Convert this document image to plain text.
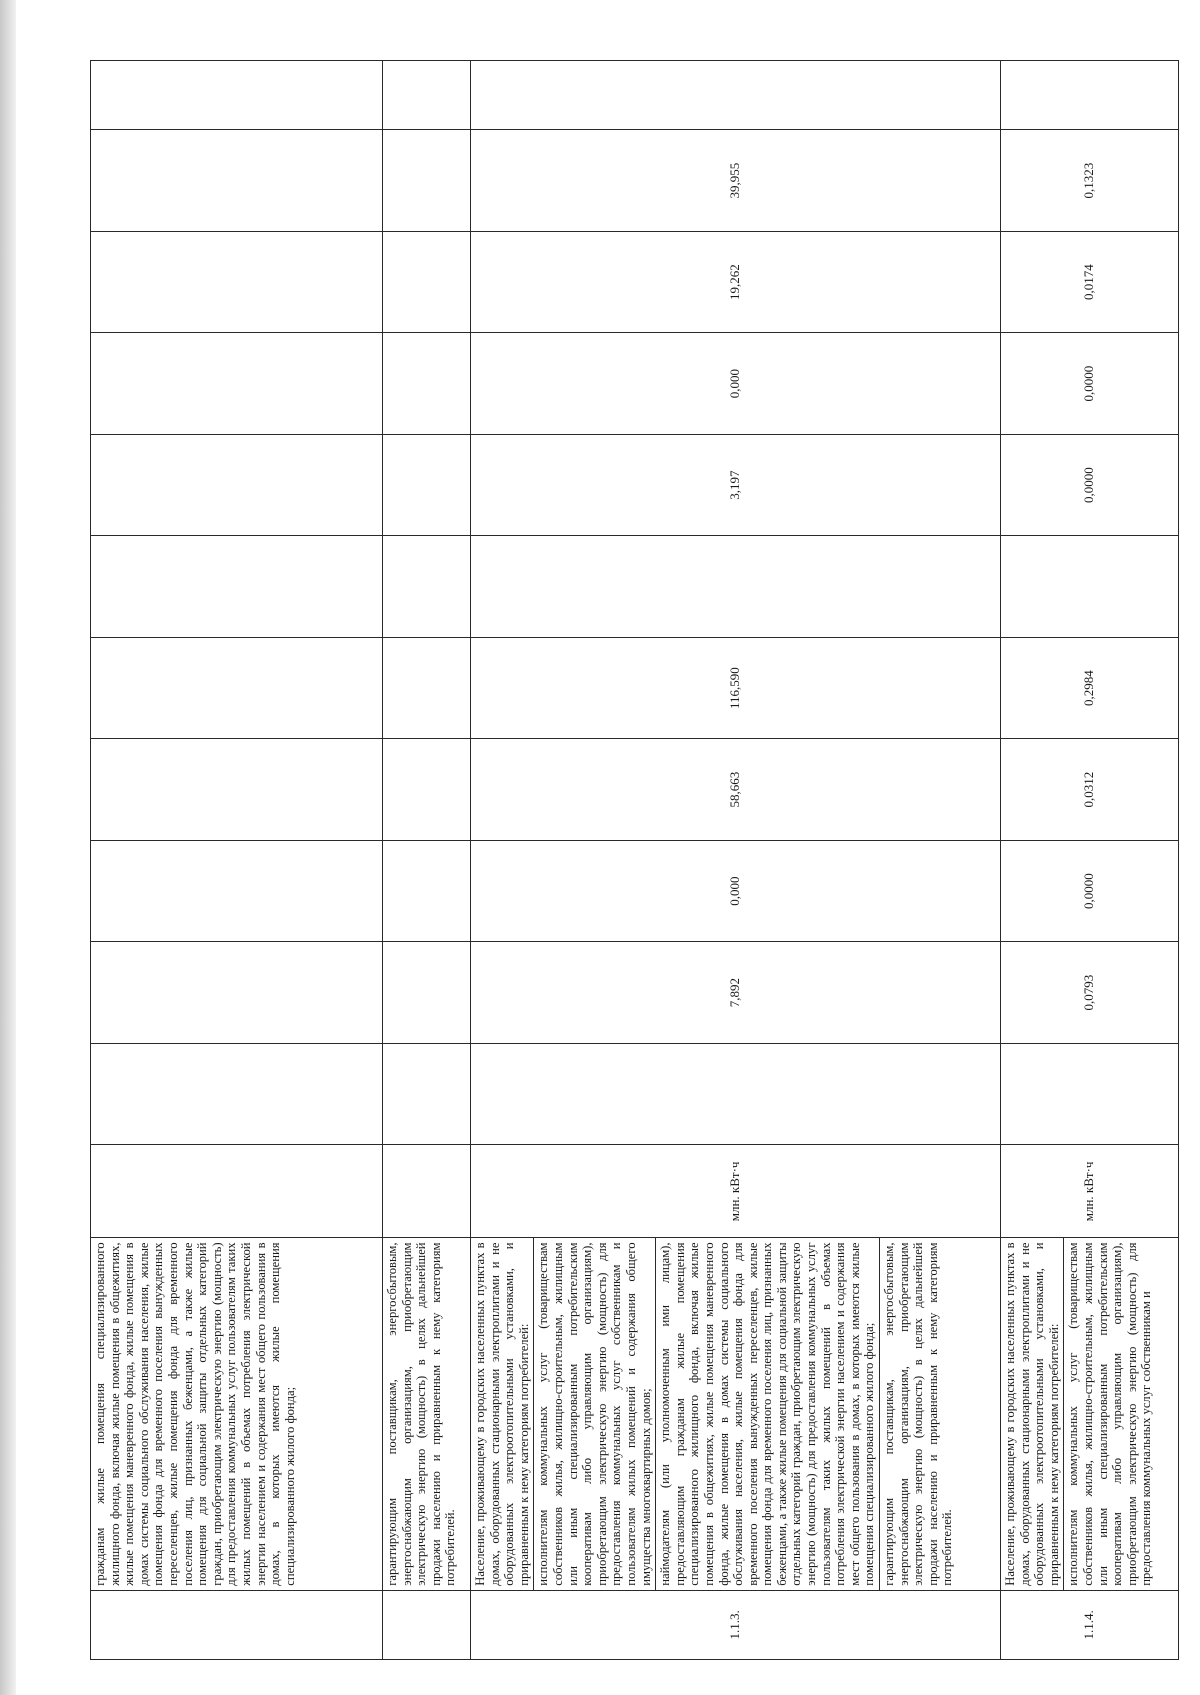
	гражданам жилые помещения специализированного жилищного фонда, включая жилые помещения в общежитиях, жилые помещения маневренного фонда, жилые помещения в домах системы социального обслуживания населения, жилые помещения фонда для временного поселения вынужденных переселенцев, жилые помещения фонда для временного поселения лиц, признанных беженцами, а также жилые помещения для социальной защиты отдельных категорий граждан, приобретающим электрическую энергию (мощность) для предоставления коммунальных услуг пользователям таких жилых помещений в объемах потребления электрической энергии населением и содержания мест общего пользования в домах, в которых имеются жилые помещения специализированного жилого фонда;												
	гарантирующим поставщикам, энергосбытовым, энергоснабжающим организациям, приобретающим электрическую энергию (мощность) в целях дальнейшей продажи населению и приравненным к нему категориям потребителей.												
1.1.3.	Население, проживающему в городских населенных пунктах в домах, оборудованных стационарными электроплитами и не оборудованных электроотопительными установками, и приравненным к нему категориям потребителей: исполнителям коммунальных услуг (товариществам собственников жилья, жилищно-строительным, жилищным или иным специализированным потребительским кооперативам либо управляющим организациям), приобретающим электрическую энергию (мощность) для предоставления коммунальных услуг собственникам и пользователям жилых помещений и содержания общего имущества многоквартирных домов; наймодателям (или уполномоченным ими лицам), предоставляющим гражданам жилые помещения специализированного жилищного фонда, включая жилые помещения в общежитиях, жилые помещения маневренного фонда, жилые помещения в домах системы социального обслуживания населения, жилые помещения фонда для временного поселения вынужденных переселенцев, жилые помещения фонда для временного поселения лиц, признанных беженцами, а также жилые помещения для социальной защиты отдельных категорий граждан, приобретающим электрическую энергию (мощность) для предоставления коммунальных услуг пользователям таких жилых помещений в объемах потребления электрической энергии населением и содержания мест общего пользования в домах, в которых имеются жилые помещения специализированного жилого фонда; гарантирующим поставщикам, энергосбытовым, энергоснабжающим организациям, приобретающим электрическую энергию (мощность) в целях дальнейшей продажи населению и приравненным к нему категориям потребителей.	млн. кВт·ч		7,892	0,000	58,663	116,590		3,197	0,000	19,262	39,955	
1.1.4.	Население, проживающему в городских населенных пунктах в домах, оборудованных стационарными электроплитами и не оборудованных электроотопительными установками, и приравненным к нему категориям потребителей: исполнителям коммунальных услуг (товариществам собственников жилья, жилищно-строительным, жилищным или иным специализированным потребительским кооперативам либо управляющим организациям), приобретающим электрическую энергию (мощность) для предоставления коммунальных услуг собственникам и	млн. кВт·ч		0,0793	0,0000	0,0312	0,2984		0,0000	0,0000	0,0174	0,1323	
